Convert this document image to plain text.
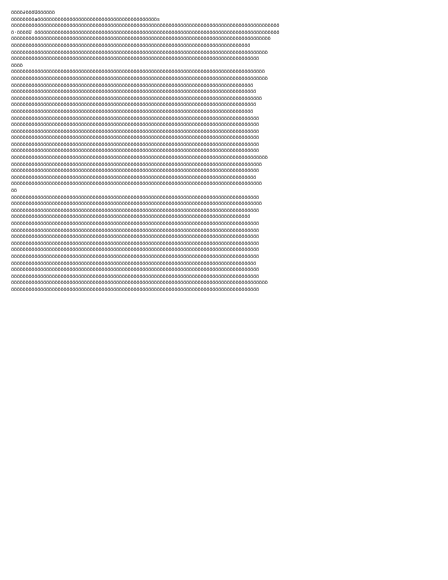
öööö∂öööUöööööö
ööööööööaööööööööööööööööööööööööööööööööööööööööös
öööööööööööööööööööööööööööööööööööööööööööööööööööööööööööööööööööööööööööööööööööööööööööö
ö·ööööU öööööööööööööööööööööööööööööööööööööööööööööööööööööööööööööööööööööööööööööööööööö
ööööööööööööööööööööööööööööööööööööööööööööööööööööööööööööööööööööööööööööööööööööööööö
öööööööööööööööööööööööööööööööööööööööööööööööööööööööööööööööööööööööööööööööööö
öööööööööööööööööööööööööööööööööööööööööööööööööööööööööööööööööööööööööööööööööööööööö
ööööööööööööööööööööööööööööööööööööööööööööööööööööööööööööööööööööööööööööööööööööö
öööö
ööööööööööööööööööööööööööööööööööööööööööööööööööööööööööööööööööööööööööööööööööööööö
öööööööööööööööööööööööööööööööööööööööööööööööööööööööööööööööööööööööööööööööööööööööö
ööööööööööööööööööööööööööööööööööööööööööööööööööööööööööööööööööööööööööööööööööö
öööööööööööööööööööööööööööööööööööööööööööööööööööööööööööööööööööööööööööööööööööö
öööööööööööööööööööööööööööööööööööööööööööööööööööööööööööööööööööööööööööööööööööööö
öööööööööööööööööööööööööööööööööööööööööööööööööööööööööööööööööööööööööööööööööööö
ööööööööööööööööööööööööööööööööööööööööööööööööööööööööööööööööööööööööööööööööööö
ööööööööööööööööööööööööööööööööööööööööööööööööööööööööööööööööööööööööööööööööööööö
ööööööööööööööööööööööööööööööööööööööööööööööööööööööööööööööööööööööööööööööööööööö
ööööööööööööööööööööööööööööööööööööööööööööööööööööööööööööööööööööööööööööööööööööö
ööööööööööööööööööööööööööööööööööööööööööööööööööööööööööööööööööööööööööööööööööööö
ööööööööööööööööööööööööööööööööööööööööööööööööööööööööööööööööööööööööööööööööööööö
ööööööööööööööööööööööööööööööööööööööööööööööööööööööööööööööööööööööööööööööööööööö
öööööööööööööööööööööööööööööööööööööööööööööööööööööööööööööööööööööööööööööööööööööööö
öööööööööööööööööööööööööööööööööööööööööööööööööööööööööööööööööööööööööööööööööööööö
ööööööööööööööööööööööööööööööööööööööööööööööööööööööööööööööööööööööööööööööööööööö
öööööööööööööööööööööööööööööööööööööööööööööööööööööööööööööööööööööööööööööööööööö
öööööööööööööööööööööööööööööööööööööööööööööööööööööööööööööööööööööööööööööööööööööö
öö
ööööööööööööööööööööööööööööööööööööööööööööööööööööööööööööööööööööööööööööööööööööö
öööööööööööööööööööööööööööööööööööööööööööööööööööööööööööööööööööööööööööööööööööööö
ööööööööööööööööööööööööööööööööööööööööööööööööööööööööööööööööööööööööööööööööööööö
öööööööööööööööööööööööööööööööööööööööööööööööööööööööööööööööööööööööööööööööööö
ööööööööööööööööööööööööööööööööööööööööööööööööööööööööööööööööööööööööööööööööööööö
ööööööööööööööööööööööööööööööööööööööööööööööööööööööööööööööööööööööööööööööööööööö
ööööööööööööööööööööööööööööööööööööööööööööööööööööööööööööööööööööööööööööööööööööö
ööööööööööööööööööööööööööööööööööööööööööööööööööööööööööööööööööööööööööööööööööööö
ööööööööööööööööööööööööööööööööööööööööööööööööööööööööööööööööööööööööööööööööööööö
ööööööööööööööööööööööööööööööööööööööööööööööööööööööööööööööööööööööööööööööööööööö
öööööööööööööööööööööööööööööööööööööööööööööööööööööööööööööööööööööööööööööööööööö
ööööööööööööööööööööööööööööööööööööööööööööööööööööööööööööööööööööööööööööööööööööö
ööööööööööööööööööööööööööööööööööööööööööööööööööööööööööööööööööööööööööööööööööööö
öööööööööööööööööööööööööööööööööööööööööööööööööööööööööööööööööööööööööööööööööööööööö
ööööööööööööööööööööööööööööööööööööööööööööööööööööööööööööööööööööööööööööööööööööö
